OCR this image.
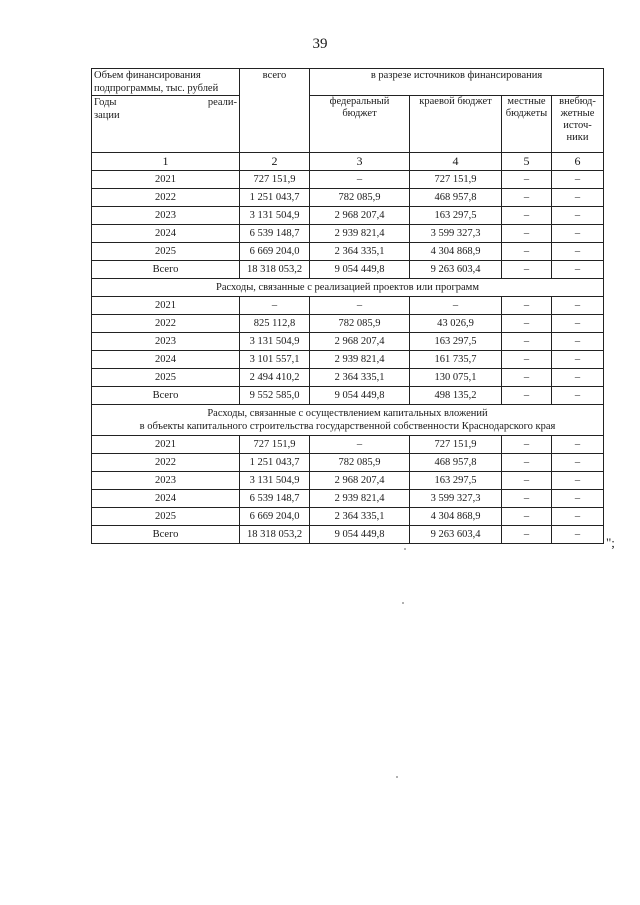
39
Объем финансирования
подпрограммы, тыс. рублей	всего	в разрезе источников финансирования			

Годы реали-
зации		федеральный бюджет	краевой бюджет	местные бюджеты	внебюд-жетные источ-ники
1	2	3	4	5	6
2021	727 151,9	–	727 151,9	–	–
2022	1 251 043,7	782 085,9	468 957,8	–	–
2023	3 131 504,9	2 968 207,4	163 297,5	–	–
2024	6 539 148,7	2 939 821,4	3 599 327,3	–	–
2025	6 669 204,0	2 364 335,1	4 304 868,9	–	–
Всего	18 318 053,2	9 054 449,8	9 263 603,4	–	–
Расходы, связанные с реализацией проектов или программ					
2021	–	–	–	–	–
2022	825 112,8	782 085,9	43 026,9	–	–
2023	3 131 504,9	2 968 207,4	163 297,5	–	–
2024	3 101 557,1	2 939 821,4	161 735,7	–	–
2025	2 494 410,2	2 364 335,1	130 075,1	–	–
Всего	9 552 585,0	9 054 449,8	498 135,2	–	–

Расходы, связанные с осуществлением капитальных вложений
в объекты капитального строительства государственной собственности Краснодарского края					

2021	727 151,9	–	727 151,9	–	–
2022	1 251 043,7	782 085,9	468 957,8	–	–
2023	3 131 504,9	2 968 207,4	163 297,5	–	–
2024	6 539 148,7	2 939 821,4	3 599 327,3	–	–
2025	6 669 204,0	2 364 335,1	4 304 868,9	–	–
Всего	18 318 053,2	9 054 449,8	9 263 603,4	–	–
";
